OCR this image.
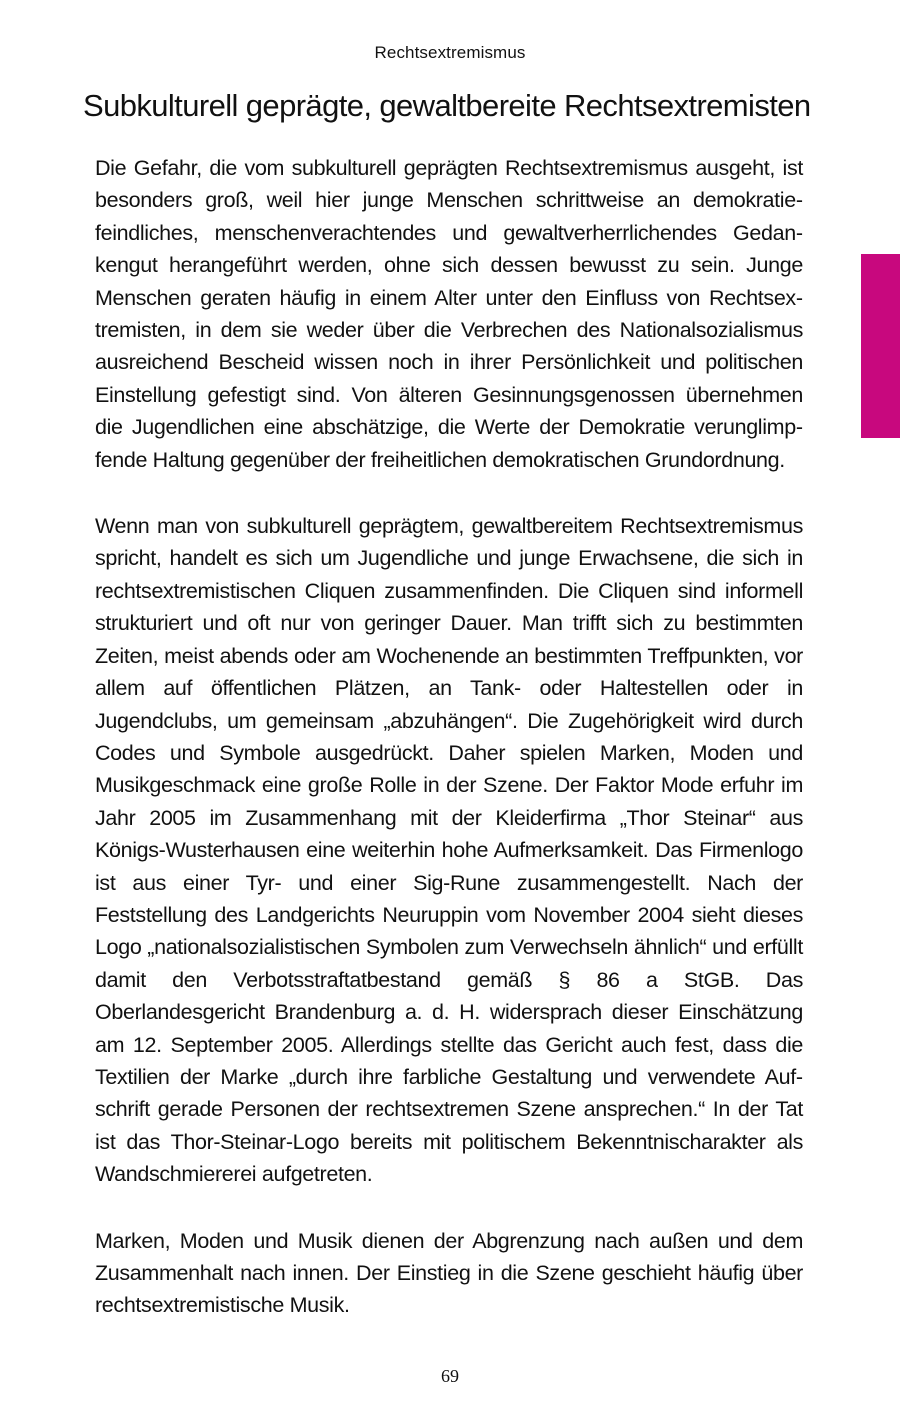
Rechtsextremismus
Subkulturell geprägte, gewaltbereite Rechtsextremisten

Die Gefahr, die vom subkulturell geprägten Rechtsextremismus ausgeht, ist besonders groß, weil hier junge Menschen schrittweise an demokratiefeindliches, menschenverachtendes und gewaltverherrlichendes Gedankengut herangeführt werden, ohne sich dessen bewusst zu sein. Junge Menschen geraten häufig in einem Alter unter den Einfluss von Rechtsextremisten, in dem sie weder über die Verbrechen des Nationalsozialismus ausreichend Bescheid wissen noch in ihrer Persönlichkeit und politischen Einstellung gefestigt sind. Von älteren Gesinnungsgenossen übernehmen die Jugendlichen eine abschätzige, die Werte der Demokratie verunglimpfende Haltung gegenüber der freiheitlichen demokratischen Grundordnung.

Wenn man von subkulturell geprägtem, gewaltbereitem Rechtsextremismus spricht, handelt es sich um Jugendliche und junge Erwachsene, die sich in rechtsextremistischen Cliquen zusammenfinden. Die Cliquen sind informell strukturiert und oft nur von geringer Dauer. Man trifft sich zu bestimmten Zeiten, meist abends oder am Wochenende an bestimmten Treffpunkten, vor allem auf öffentlichen Plätzen, an Tank- oder Haltestellen oder in Jugendclubs, um gemeinsam „abzuhängen“. Die Zugehörigkeit wird durch Codes und Symbole ausgedrückt. Daher spielen Marken, Moden und Musikgeschmack eine große Rolle in der Szene. Der Faktor Mode erfuhr im Jahr 2005 im Zusammenhang mit der Kleiderfirma „Thor Steinar“ aus Königs-Wusterhausen eine weiterhin hohe Aufmerksamkeit. Das Firmenlogo ist aus einer Tyr- und einer Sig-Rune zusammengestellt. Nach der Feststellung des Landgerichts Neuruppin vom November 2004 sieht dieses Logo „nationalsozialistischen Symbolen zum Verwechseln ähnlich“ und erfüllt damit den Verbotsstraftatbestand gemäß § 86 a StGB. Das Oberlandesgericht Brandenburg a. d. H. widersprach dieser Einschätzung am 12. September 2005. Allerdings stellte das Gericht auch fest, dass die Textilien der Marke „durch ihre farbliche Gestaltung und verwendete Aufschrift gerade Personen der rechtsextremen Szene ansprechen.“ In der Tat ist das Thor-Steinar-Logo bereits mit politischem Bekenntnischarakter als Wandschmiererei aufgetreten.

Marken, Moden und Musik dienen der Abgrenzung nach außen und dem Zusammenhalt nach innen. Der Einstieg in die Szene geschieht häufig über rechtsextremistische Musik.

69
